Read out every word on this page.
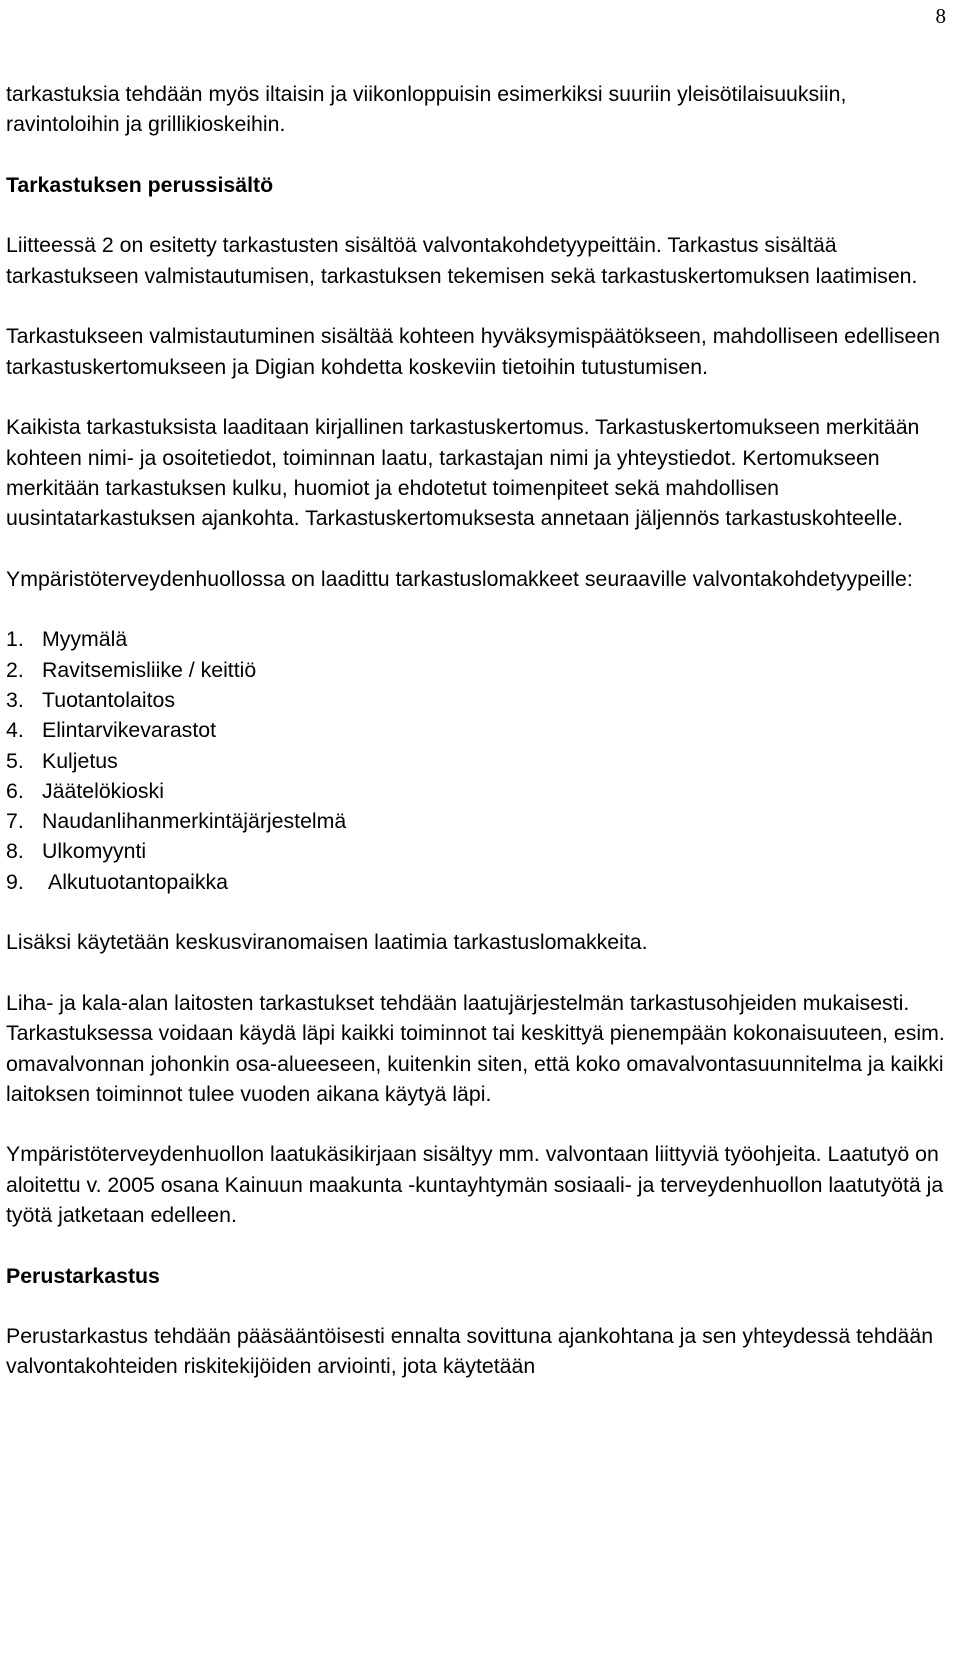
8

tarkastuksia tehdään myös iltaisin ja viikonloppuisin esimerkiksi suuriin yleisötilaisuuksiin, ravintoloihin ja grillikioskeihin.

Tarkastuksen perussisältö

Liitteessä 2 on esitetty tarkastusten sisältöä valvontakohdetyypeittäin. Tarkastus sisältää tarkastukseen valmistautumisen, tarkastuksen tekemisen sekä tarkastuskertomuksen laatimisen.

Tarkastukseen valmistautuminen sisältää kohteen hyväksymispäätökseen, mahdolliseen edelliseen tarkastuskertomukseen ja Digian kohdetta koskeviin tietoihin tutustumisen.

Kaikista tarkastuksista laaditaan kirjallinen tarkastuskertomus. Tarkastuskertomukseen merkitään kohteen nimi- ja osoitetiedot, toiminnan laatu, tarkastajan nimi ja yhteystiedot. Kertomukseen merkitään tarkastuksen kulku, huomiot ja ehdotetut toimenpiteet sekä mahdollisen uusintatarkastuksen ajankohta. Tarkastuskertomuksesta annetaan jäljennös tarkastuskohteelle.

Ympäristöterveydenhuollossa on laadittu tarkastuslomakkeet seuraaville valvontakohdetyypeille:

1. Myymälä
2. Ravitsemisliike / keittiö
3. Tuotantolaitos
4. Elintarvikevarastot
5. Kuljetus
6. Jäätelökioski
7. Naudanlihanmerkintäjärjestelmä
8. Ulkomyynti
9. Alkutuotantopaikka

Lisäksi käytetään keskusviranomaisen laatimia tarkastuslomakkeita.

Liha- ja kala-alan laitosten tarkastukset tehdään laatujärjestelmän tarkastusohjeiden mukaisesti. Tarkastuksessa voidaan käydä läpi kaikki toiminnot tai keskittyä pienempään kokonaisuuteen, esim. omavalvonnan johonkin osa-alueeseen, kuitenkin siten, että koko omavalvontasuunnitelma ja kaikki laitoksen toiminnot tulee vuoden aikana käytyä läpi.

Ympäristöterveydenhuollon laatukäsikirjaan sisältyy mm. valvontaan liittyviä työohjeita. Laatutyö on aloitettu v. 2005 osana Kainuun maakunta -kuntayhtymän sosiaali- ja terveydenhuollon laatutyötä ja työtä jatketaan edelleen.

Perustarkastus

Perustarkastus tehdään pääsääntöisesti ennalta sovittuna ajankohtana ja sen yhteydessä tehdään valvontakohteiden riskitekijöiden arviointi, jota käytetään
